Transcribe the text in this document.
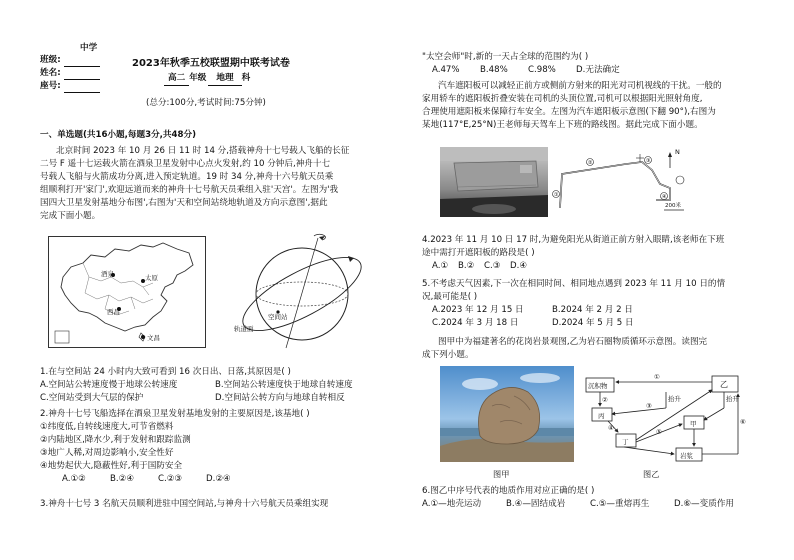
中学
班级:
姓名:
座号:
2023年秋季五校联盟期中联考试卷
高二 年级 地理 科
(总分:100分,考试时间:75分钟)
一、单选题(共16小题,每题3分,共48分)
北京时间 2023 年 10 月 26 日 11 时 14 分,搭载神舟十七号载人飞船的长征
二号 F 遥十七运载火箭在酒泉卫星发射中心点火发射,约 10 分钟后,神舟十七
号载人飞船与火箭成功分离,进入预定轨道。19 时 34 分,神舟十六号航天员乘
组顺利打开'家门',欢迎远道而来的神舟十七号航天员乘组入驻'天宫'。左图为'我
国四大卫星发射基地分布图',右图为'天和空间站绕地轨道及方向示意图',据此
完成下面小题。
酒泉	太原
西昌
文昌
空间站
轨道面
1.在与空间站 24 小时内大致可看到 16 次日出、日落,其原因是( )
A.空间站公转速度慢于地球公转速度	B.空间站公转速度快于地球自转速度
C.空间站受到大气层的保护	D.空间站公转方向与地球自转相反
2.神舟十七号飞船选择在酒泉卫星发射基地发射的主要原因是,该基地( )
①纬度低,自转线速度大,可节省燃料
②内陆地区,降水少,利于发射和跟踪监测
③地广人稀,对周边影响小,安全性好
④地势起伏大,隐蔽性好,利于国防安全
A.①②	B.②④	C.②③	D.②④
3.神舟十七号 3 名航天员顺利进驻中国空间站,与神舟十六号航天员乘组实现
"太空会师"时,新的一天占全球的范围约为( )
A.47%	B.48%	C.98%	D.无法确定
汽车遮阳板可以减轻正前方或侧前方射来的阳光对司机视线的干扰。一般的
家用轿车的遮阳板折叠安装在司机的头顶位置,司机可以根据阳光照射角度,
合理使用遮阳板来保障行车安全。左图为汽车遮阳板示意图(下翻 90°),右图为
某地(117°E,25°N)王老师每天驾车上下班的路线图。据此完成下面小题。
①
②	③
④
N
200米
4.2023 年 11 月 10 日 17 时,为避免阳光从街道正前方射入眼睛,该老师在下班
途中需打开遮阳板的路段是( )
A.①	B.②	C.③	D.④
5.不考虑天气因素,下一次在相同时间、相同地点遇到 2023 年 11 月 10 日的情
况,最可能是( )
A.2023 年 12 月 15 日	B.2024 年 2 月 2 日
C.2024 年 3 月 18 日	D.2024 年 5 月 5 日
图甲中为福建著名的花岗岩景观图,乙为岩石圈物质循环示意图。读图完
成下列小题。
图甲
沉积物
丙
丁
甲
岩浆
乙
①
②
③
④	⑤
⑥
抬升	抬升
图乙
6.图乙中序号代表的地质作用对应正确的是( )
A.①—地壳运动	B.④—固结成岩	C.⑤—重熔再生	D.⑥—变质作用
